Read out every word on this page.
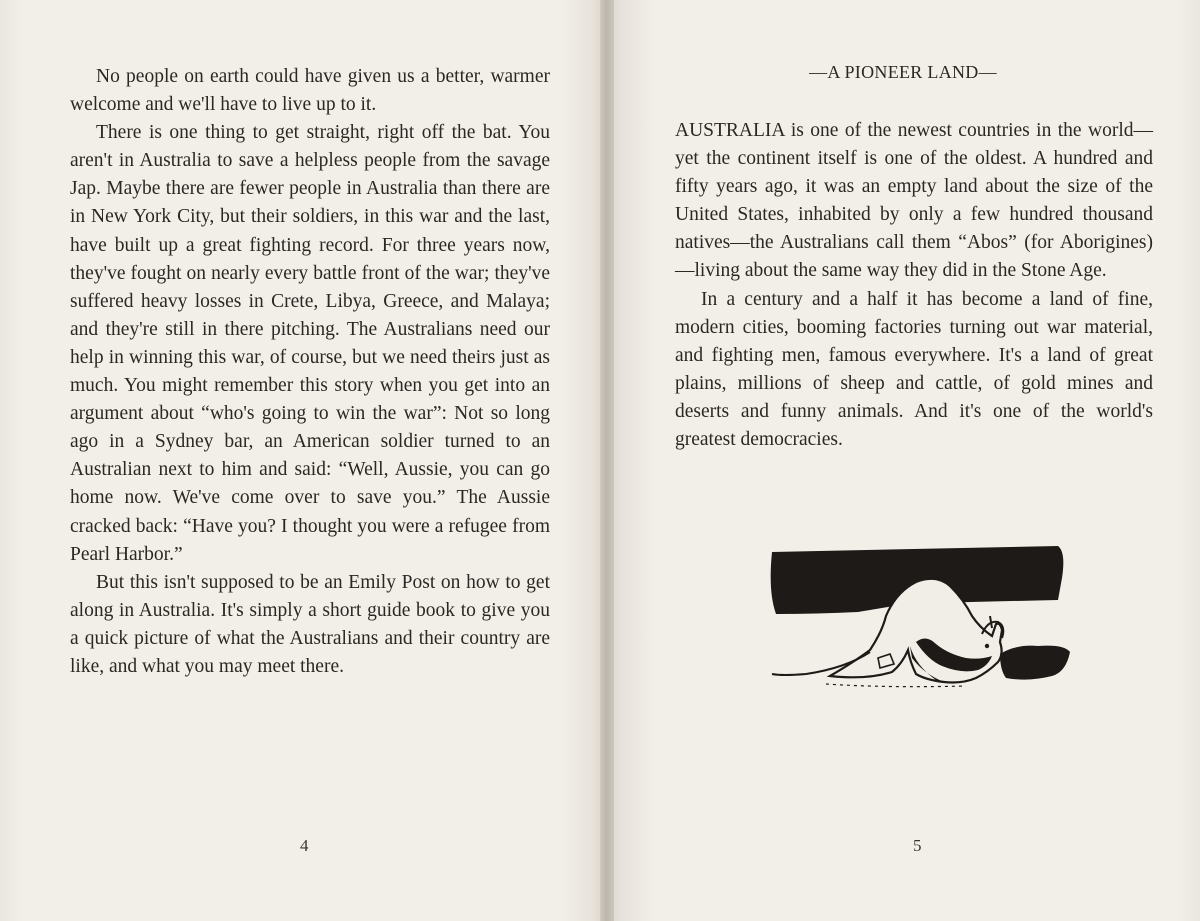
No people on earth could have given us a better, warmer welcome and we'll have to live up to it.

There is one thing to get straight, right off the bat. You aren't in Australia to save a helpless people from the savage Jap. Maybe there are fewer people in Australia than there are in New York City, but their soldiers, in this war and the last, have built up a great fighting record. For three years now, they've fought on nearly every battle front of the war; they've suffered heavy losses in Crete, Libya, Greece, and Malaya; and they're still in there pitching. The Australians need our help in winning this war, of course, but we need theirs just as much. You might remember this story when you get into an argument about “who's going to win the war”: Not so long ago in a Sydney bar, an American soldier turned to an Australian next to him and said: “Well, Aussie, you can go home now. We've come over to save you.” The Aussie cracked back: “Have you? I thought you were a refugee from Pearl Harbor.”

But this isn't supposed to be an Emily Post on how to get along in Australia. It's simply a short guide book to give you a quick picture of what the Australians and their country are like, and what you may meet there.

4
—A PIONEER LAND—

AUSTRALIA is one of the newest countries in the world—yet the continent itself is one of the oldest. A hundred and fifty years ago, it was an empty land about the size of the United States, inhabited by only a few hundred thousand natives—the Australians call them “Abos” (for Aborigines)—living about the same way they did in the Stone Age.

In a century and a half it has become a land of fine, modern cities, booming factories turning out war material, and fighting men, famous everywhere. It's a land of great plains, millions of sheep and cattle, of gold mines and deserts and funny animals. And it's one of the world's greatest democracies.

5
